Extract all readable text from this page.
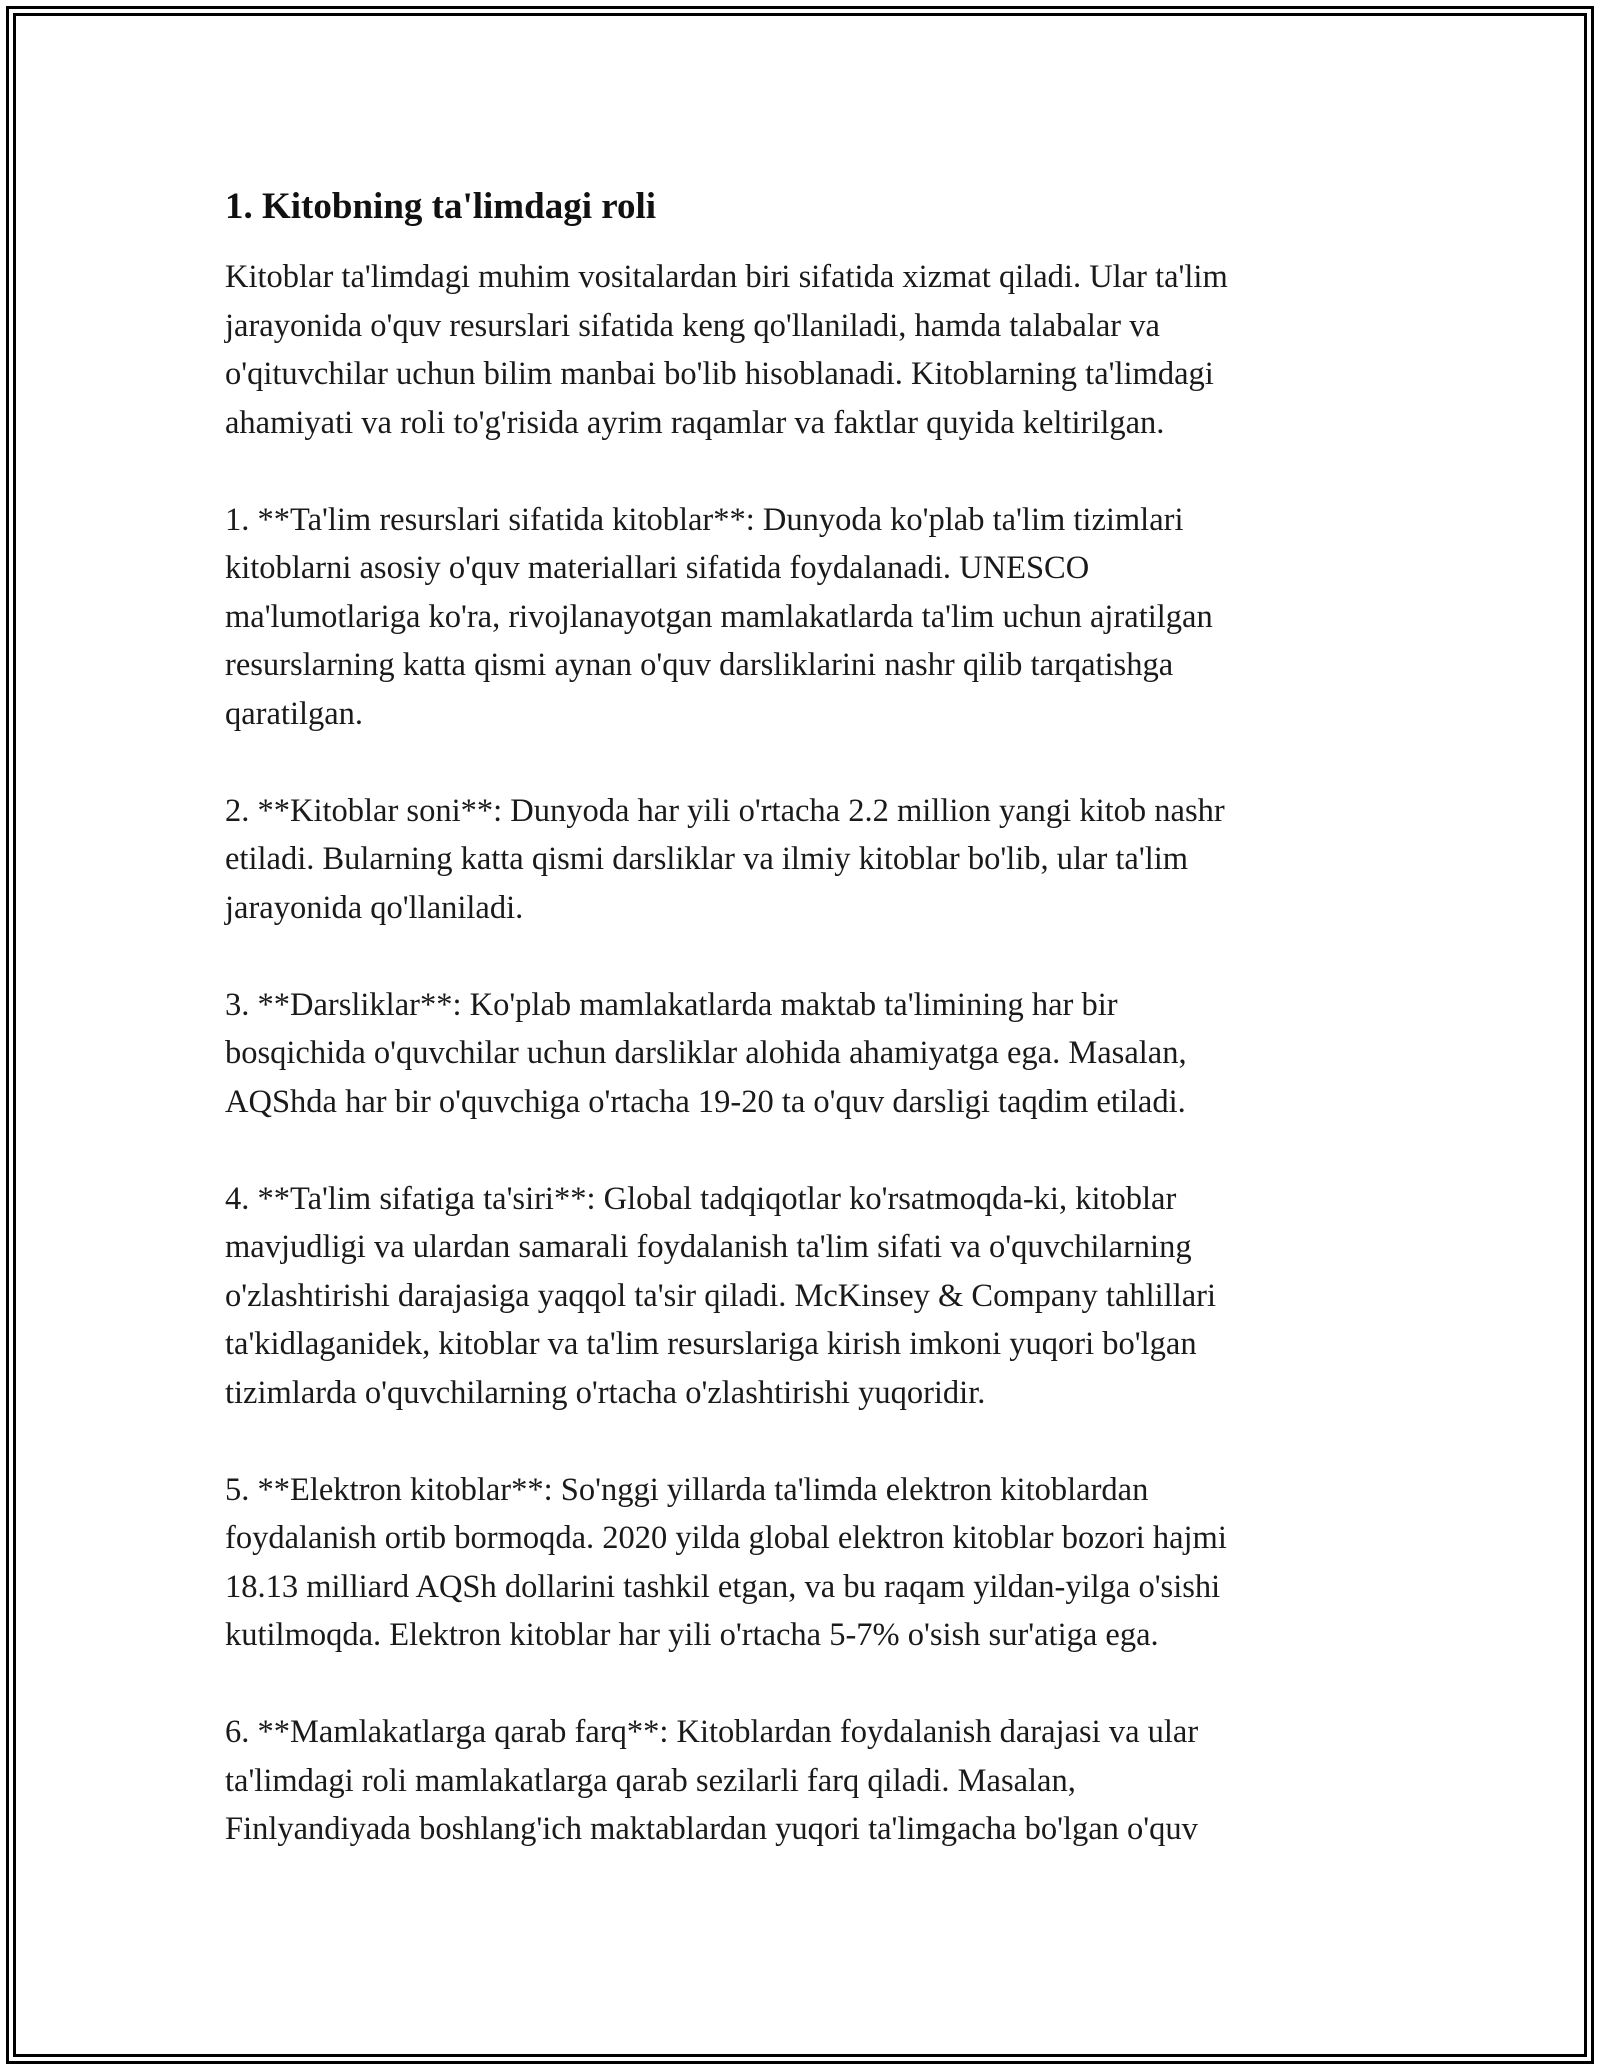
1. Kitobning ta'limdagi roli

Kitoblar ta'limdagi muhim vositalardan biri sifatida xizmat qiladi. Ular ta'lim
jarayonida o'quv resurslari sifatida keng qo'llaniladi, hamda talabalar va
o'qituvchilar uchun bilim manbai bo'lib hisoblanadi. Kitoblarning ta'limdagi
ahamiyati va roli to'g'risida ayrim raqamlar va faktlar quyida keltirilgan.

1. **Ta'lim resurslari sifatida kitoblar**: Dunyoda ko'plab ta'lim tizimlari
kitoblarni asosiy o'quv materiallari sifatida foydalanadi. UNESCO
ma'lumotlariga ko'ra, rivojlanayotgan mamlakatlarda ta'lim uchun ajratilgan
resurslarning katta qismi aynan o'quv darsliklarini nashr qilib tarqatishga
qaratilgan.

2. **Kitoblar soni**: Dunyoda har yili o'rtacha 2.2 million yangi kitob nashr
etiladi. Bularning katta qismi darsliklar va ilmiy kitoblar bo'lib, ular ta'lim
jarayonida qo'llaniladi.

3. **Darsliklar**: Ko'plab mamlakatlarda maktab ta'limining har bir
bosqichida o'quvchilar uchun darsliklar alohida ahamiyatga ega. Masalan,
AQShda har bir o'quvchiga o'rtacha 19-20 ta o'quv darsligi taqdim etiladi.

4. **Ta'lim sifatiga ta'siri**: Global tadqiqotlar ko'rsatmoqda-ki, kitoblar
mavjudligi va ulardan samarali foydalanish ta'lim sifati va o'quvchilarning
o'zlashtirishi darajasiga yaqqol ta'sir qiladi. McKinsey & Company tahlillari
ta'kidlaganidek, kitoblar va ta'lim resurslariga kirish imkoni yuqori bo'lgan
tizimlarda o'quvchilarning o'rtacha o'zlashtirishi yuqoridir.

5. **Elektron kitoblar**: So'nggi yillarda ta'limda elektron kitoblardan
foydalanish ortib bormoqda. 2020 yilda global elektron kitoblar bozori hajmi
18.13 milliard AQSh dollarini tashkil etgan, va bu raqam yildan-yilga o'sishi
kutilmoqda. Elektron kitoblar har yili o'rtacha 5-7% o'sish sur'atiga ega.

6. **Mamlakatlarga qarab farq**: Kitoblardan foydalanish darajasi va ular
ta'limdagi roli mamlakatlarga qarab sezilarli farq qiladi. Masalan,
Finlyandiyada boshlang'ich maktablardan yuqori ta'limgacha bo'lgan o'quv
